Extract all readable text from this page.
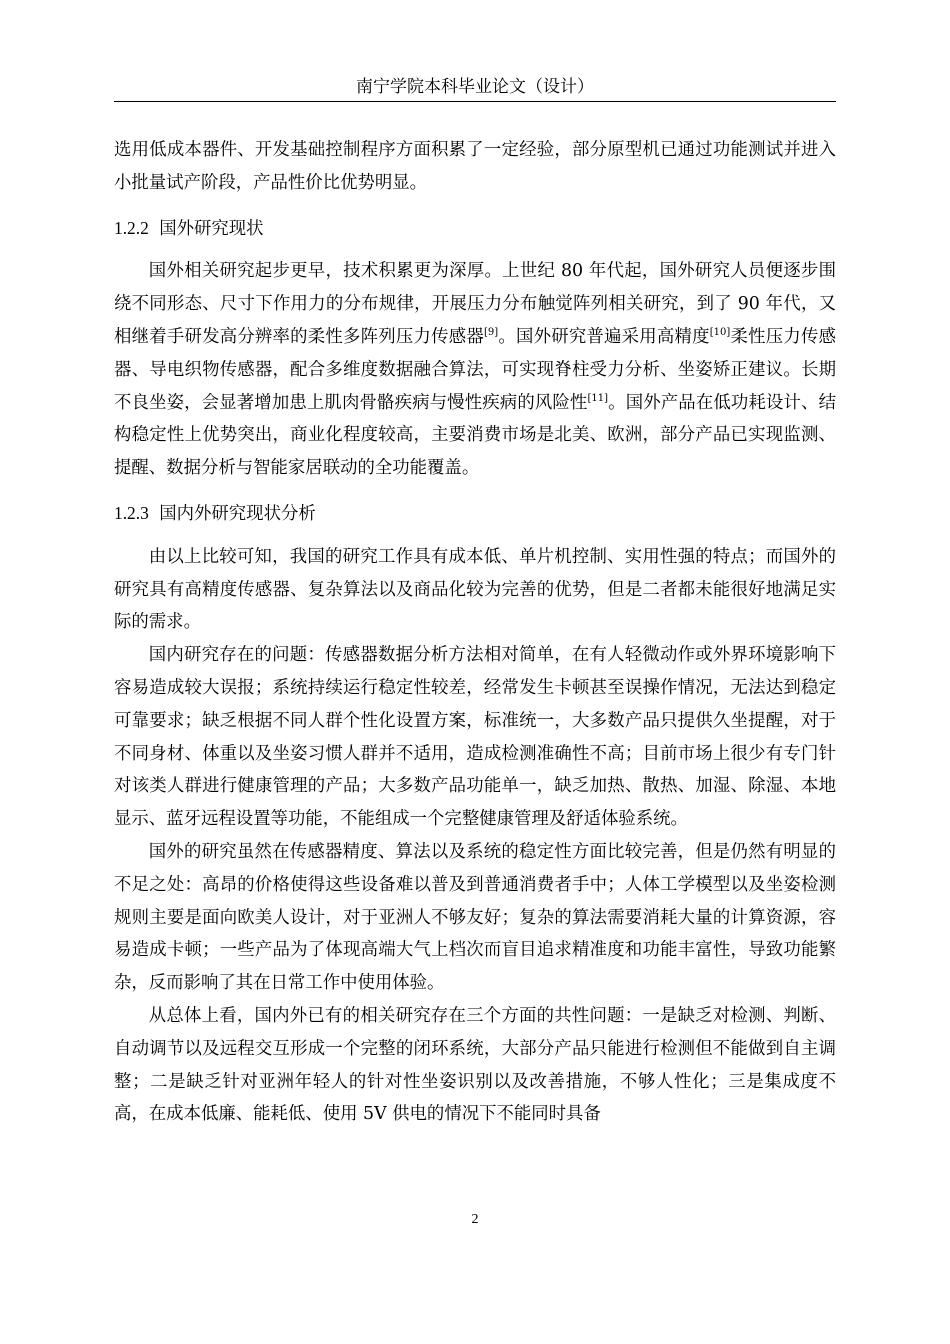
南宁学院本科毕业论文（设计）

选用低成本器件、开发基础控制程序方面积累了一定经验，部分原型机已通过功能测试并进入小批量试产阶段，产品性价比优势明显。

1.2.2 国外研究现状

国外相关研究起步更早，技术积累更为深厚。上世纪 80 年代起，国外研究人员便逐步围绕不同形态、尺寸下作用力的分布规律，开展压力分布触觉阵列相关研究，到了 90 年代，又相继着手研发高分辨率的柔性多阵列压力传感器[9]。国外研究普遍采用高精度[10]柔性压力传感器、导电织物传感器，配合多维度数据融合算法，可实现脊柱受力分析、坐姿矫正建议。长期不良坐姿，会显著增加患上肌肉骨骼疾病与慢性疾病的风险性[11]。国外产品在低功耗设计、结构稳定性上优势突出，商业化程度较高，主要消费市场是北美、欧洲，部分产品已实现监测、提醒、数据分析与智能家居联动的全功能覆盖。

1.2.3 国内外研究现状分析

由以上比较可知，我国的研究工作具有成本低、单片机控制、实用性强的特点；而国外的研究具有高精度传感器、复杂算法以及商品化较为完善的优势，但是二者都未能很好地满足实际的需求。

国内研究存在的问题：传感器数据分析方法相对简单，在有人轻微动作或外界环境影响下容易造成较大误报；系统持续运行稳定性较差，经常发生卡顿甚至误操作情况，无法达到稳定可靠要求；缺乏根据不同人群个性化设置方案，标准统一，大多数产品只提供久坐提醒，对于不同身材、体重以及坐姿习惯人群并不适用，造成检测准确性不高；目前市场上很少有专门针对该类人群进行健康管理的产品；大多数产品功能单一，缺乏加热、散热、加湿、除湿、本地显示、蓝牙远程设置等功能，不能组成一个完整健康管理及舒适体验系统。

国外的研究虽然在传感器精度、算法以及系统的稳定性方面比较完善，但是仍然有明显的不足之处：高昂的价格使得这些设备难以普及到普通消费者手中；人体工学模型以及坐姿检测规则主要是面向欧美人设计，对于亚洲人不够友好；复杂的算法需要消耗大量的计算资源，容易造成卡顿；一些产品为了体现高端大气上档次而盲目追求精准度和功能丰富性，导致功能繁杂，反而影响了其在日常工作中使用体验。

从总体上看，国内外已有的相关研究存在三个方面的共性问题：一是缺乏对检测、判断、自动调节以及远程交互形成一个完整的闭环系统，大部分产品只能进行检测但不能做到自主调整；二是缺乏针对亚洲年轻人的针对性坐姿识别以及改善措施，不够人性化；三是集成度不高，在成本低廉、能耗低、使用 5V 供电的情况下不能同时具备

2
